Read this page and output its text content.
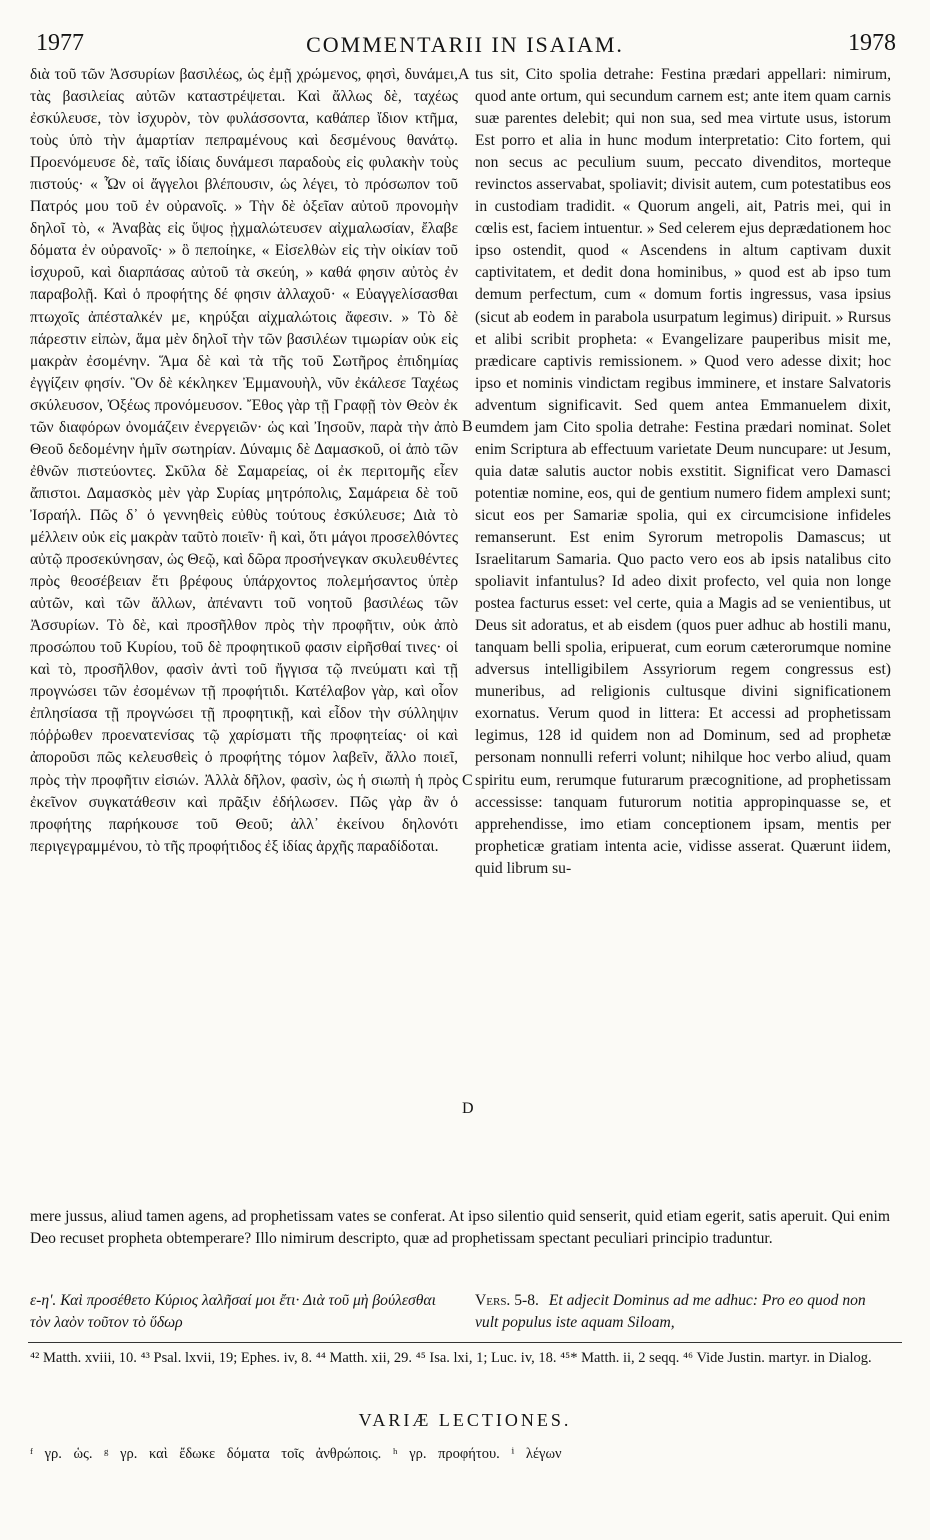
1977	COMMENTARII IN ISAIAM.	1978

διὰ τοῦ τῶν Ἀσσυρίων βασιλέως, ὡς ἐμῇ χρώμενος, φησὶ, δυνάμει, τὰς βασιλείας αὐτῶν καταστρέψεται. Καὶ ἄλλως δὲ, ταχέως ἐσκύλευσε, τὸν ἰσχυρὸν, τὸν φυλάσσοντα, καθάπερ ἴδιον κτῆμα, τοὺς ὑπὸ τὴν ἁμαρτίαν πεπραμένους καὶ δεσμένους θανάτῳ. Προενόμευσε δὲ, ταῖς ἰδίαις δυνάμεσι παραδοὺς εἰς φυλακὴν τοὺς πιστούς· « Ὧν οἱ ἄγγελοι βλέπουσιν, ὡς λέγει, τὸ πρόσωπον τοῦ Πατρός μου τοῦ ἐν οὐρανοῖς. » Τὴν δὲ ὀξεῖαν αὐτοῦ προνομὴν δηλοῖ τὸ, « Ἀναβὰς εἰς ὕψος ᾐχμαλώτευσεν αἰχμαλωσίαν, ἔλαβε δόματα ἐν οὐρανοῖς· » ὃ πεποίηκε, « Εἰσελθὼν εἰς τὴν οἰκίαν τοῦ ἰσχυροῦ, καὶ διαρπάσας αὐτοῦ τὰ σκεύη, » καθά φησιν αὐτὸς ἐν παραβολῇ. Καὶ ὁ προφήτης δέ φησιν ἀλλαχοῦ· « Εὐαγγελίσασθαι πτωχοῖς ἀπέσταλκέν με, κηρύξαι αἰχμαλώτοις ἄφεσιν. » Τὸ δὲ πάρεστιν εἰπὼν, ἅμα μὲν δηλοῖ τὴν τῶν βασιλέων τιμωρίαν οὐκ εἰς μακρὰν ἐσομένην. Ἅμα δὲ καὶ τὰ τῆς τοῦ Σωτῆρος ἐπιδημίας ἐγγίζειν φησίν. Ὃν δὲ κέκληκεν Ἐμμανουὴλ, νῦν ἐκάλεσε Ταχέως σκύλευσον, Ὀξέως προνόμευσον. Ἔθος γὰρ τῇ Γραφῇ τὸν Θεὸν ἐκ τῶν διαφόρων ὀνομάζειν ἐνεργειῶν· ὡς καὶ Ἰησοῦν, παρὰ τὴν ἀπὸ Θεοῦ δεδομένην ἡμῖν σωτηρίαν. Δύναμις δὲ Δαμασκοῦ, οἱ ἀπὸ τῶν ἐθνῶν πιστεύοντες. Σκῦλα δὲ Σαμαρείας, οἱ ἐκ περιτομῆς εἶεν ἄπιστοι. Δαμασκὸς μὲν γὰρ Συρίας μητρόπολις, Σαμάρεια δὲ τοῦ Ἰσραήλ. Πῶς δ᾽ ὁ γεννηθεὶς εὐθὺς τούτους ἐσκύλευσε; Διὰ τὸ μέλλειν οὐκ εἰς μακρὰν ταῦτὸ ποιεῖν· ἢ καὶ, ὅτι μάγοι προσελθόντες αὐτῷ προσεκύνησαν, ὡς Θεῷ, καὶ δῶρα προσήνεγκαν σκυλευθέντες πρὸς θεοσέβειαν ἔτι βρέφους ὑπάρχοντος πολεμήσαντος ὑπὲρ αὐτῶν, καὶ τῶν ἄλλων, ἀπέναντι τοῦ νοητοῦ βασιλέως τῶν Ἀσσυρίων. Τὸ δὲ, καὶ προσῆλθον πρὸς τὴν προφῆτιν, οὐκ ἀπὸ προσώπου τοῦ Κυρίου, τοῦ δὲ προφητικοῦ φασιν εἰρῆσθαί τινες· οἱ καὶ τὸ, προσῆλθον, φασὶν ἀντὶ τοῦ ἤγγισα τῷ πνεύματι καὶ τῇ προγνώσει τῶν ἐσομένων τῇ προφήτιδι. Κατέλαβον γὰρ, καὶ οἷον ἐπλησίασα τῇ προγνώσει τῇ προφητικῇ, καὶ εἶδον τὴν σύλληψιν πόῤῥωθεν προενατενίσας τῷ χαρίσματι τῆς προφητείας· οἱ καὶ ἀποροῦσι πῶς κελευσθεὶς ὁ προφήτης τόμον λαβεῖν, ἄλλο ποιεῖ, πρὸς τὴν προφῆτιν εἰσιών. Ἀλλὰ δῆλον, φασὶν, ὡς ἡ σιωπὴ ἡ πρὸς ἐκεῖνον συγκατάθεσιν καὶ πρᾶξιν ἐδήλωσεν. Πῶς γὰρ ἂν ὁ προφήτης παρήκουσε τοῦ Θεοῦ; ἀλλ᾽ ἐκείνου δηλονότι περιγεγραμμένου, τὸ τῆς προφήτιδος ἐξ ἰδίας ἀρχῆς παραδίδοται.

tus sit, Cito spolia detrahe: Festina prædari appellari: nimirum, quod ante ortum, qui secundum carnem est; ante item quam carnis suæ parentes delebit; qui non sua, sed mea virtute usus, istorum Est porro et alia in hunc modum interpretatio: Cito fortem, qui non secus ac peculium suum, peccato divenditos, morteque revinctos asservabat, spoliavit; divisit autem, cum potestatibus eos in custodiam tradidit. « Quorum angeli, ait, Patris mei, qui in cœlis est, faciem intuentur. » Sed celerem ejus deprædationem hoc ipso ostendit, quod « Ascendens in altum captivam duxit captivitatem, et dedit dona hominibus, » quod est ab ipso tum demum perfectum, cum « domum fortis ingressus, vasa ipsius (sicut ab eodem in parabola usurpatum legimus) diripuit. » Rursus et alibi scribit propheta: « Evangelizare pauperibus misit me, prædicare captivis remissionem. » Quod vero adesse dixit; hoc ipso et nominis vindictam regibus imminere, et instare Salvatoris adventum significavit. Sed quem antea Emmanuelem dixit, eumdem jam Cito spolia detrahe: Festina prædari nominat. Solet enim Scriptura ab effectuum varietate Deum nuncupare: ut Jesum, quia datæ salutis auctor nobis exstitit. Significat vero Damasci potentiæ nomine, eos, qui de gentium numero fidem amplexi sunt; sicut eos per Samariæ spolia, qui ex circumcisione infideles remanserunt. Est enim Syrorum metropolis Damascus; ut Israelitarum Samaria. Quo pacto vero eos ab ipsis natalibus cito spoliavit infantulus? Id adeo dixit profecto, vel quia non longe postea facturus esset: vel certe, quia a Magis ad se venientibus, ut Deus sit adoratus, et ab eisdem (quos puer adhuc ab hostili manu, tanquam belli spolia, eripuerat, cum eorum cæterorumque nomine adversus intelligibilem Assyriorum regem congressus est) muneribus, ad religionis cultusque divini significationem exornatus. Verum quod in littera: Et accessi ad prophetissam legimus, 128 id quidem non ad Dominum, sed ad prophetæ personam nonnulli referri volunt; nihilque hoc verbo aliud, quam spiritu eum, rerumque futurarum præcognitione, ad prophetissam accessisse: tanquam futurorum notitia appropinquasse se, et apprehendisse, imo etiam conceptionem ipsam, mentis per propheticæ gratiam intenta acie, vidisse asserat. Quærunt iidem, quid librum su-

A
B
C
D

mere jussus, aliud tamen agens, ad prophetissam vates se conferat. At ipso silentio quid senserit, quid etiam egerit, satis aperuit. Qui enim Deo recuset propheta obtemperare? Illo nimirum descripto, quæ ad prophetissam spectant peculiari principio traduntur.

ε-η'. Καὶ προσέθετο Κύριος λαλῆσαί μοι ἔτι· Διὰ τοῦ μὴ βούλεσθαι τὸν λαὸν τοῦτον τὸ ὕδωρ
Vers. 5-8. Et adjecit Dominus ad me adhuc: Pro eo quod non vult populus iste aquam Siloam,
⁴² Matth. xviii, 10. ⁴³ Psal. lxvii, 19; Ephes. iv, 8. ⁴⁴ Matth. xii, 29. ⁴⁵ Isa. lxi, 1; Luc. iv, 18. ⁴⁵* Matth. ii, 2 seqq. ⁴⁶ Vide Justin. martyr. in Dialog.
VARIÆ LECTIONES.
ᶠ γρ. ὡς. ᵍ γρ. καὶ ἔδωκε δόματα τοῖς ἀνθρώποις. ʰ γρ. προφήτου. ⁱ λέγων
